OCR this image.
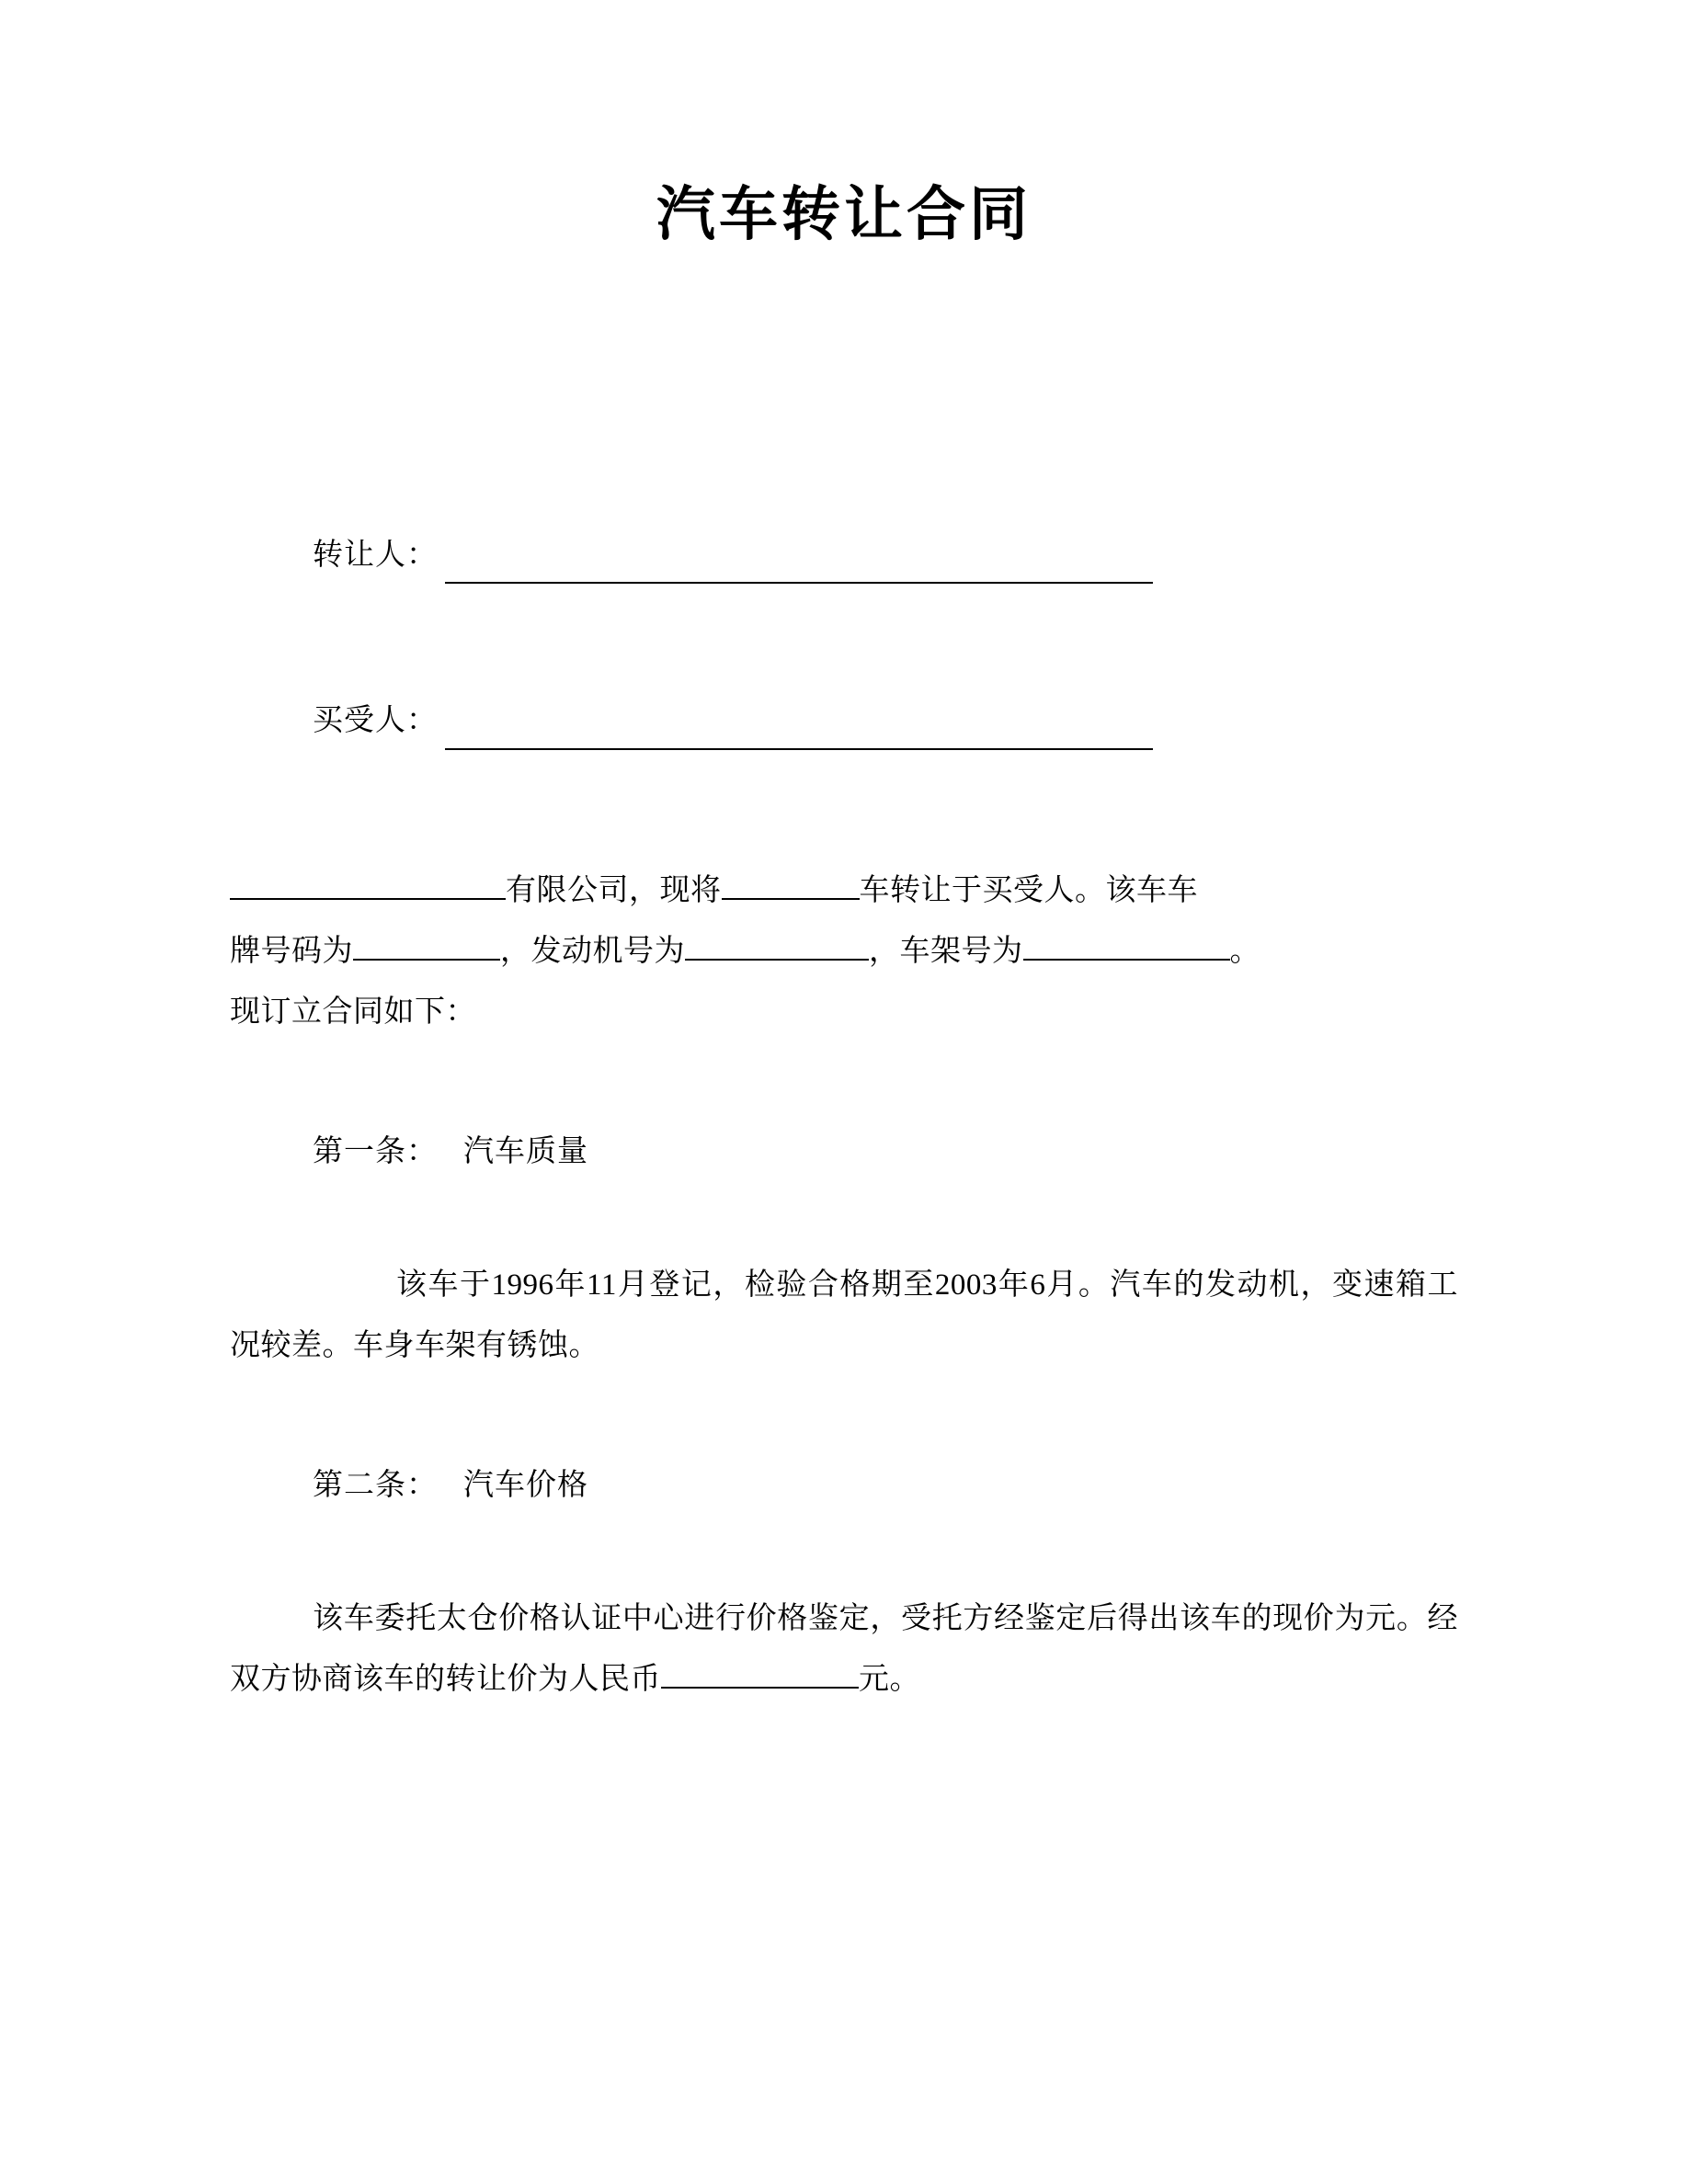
汽车转让合同
转让人：
买受人：
有限公司，现将	车转让于买受人。该车车
牌号码为	，发动机号为	，车架号为	。
现订立合同如下：
第一条： 汽车质量
该车于1996年11月登记，检验合格期至2003年6月。汽车的发动机，变速箱工况较差。车身车架有锈蚀。
第二条： 汽车价格
该车委托太仓价格认证中心进行价格鉴定，受托方经鉴定后得出该车的现价为元。经双方协商该车的转让价为人民币	元。
